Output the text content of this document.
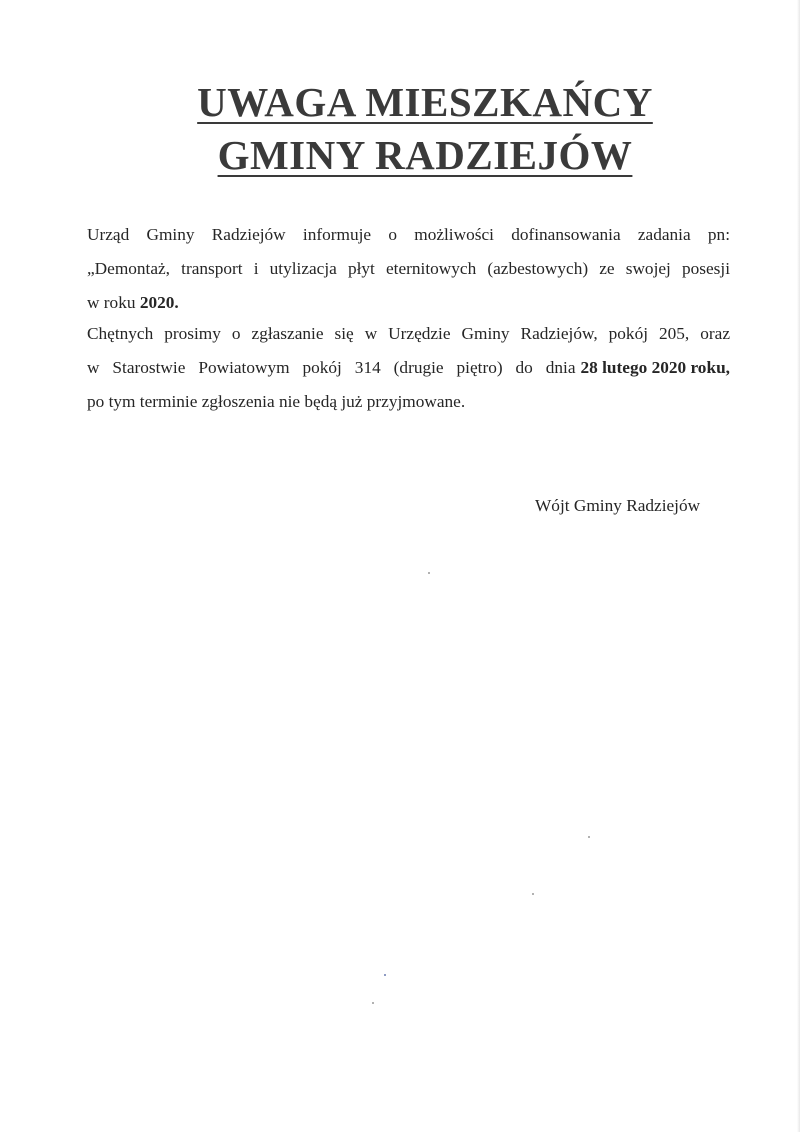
UWAGA MIESZKAŃCY
GMINY RADZIEJÓW
Urząd Gminy Radziejów informuje o możliwości dofinansowania zadania pn:
„Demontaż, transport i utylizacja płyt eternitowych (azbestowych) ze swojej posesji
w roku 2020.
Chętnych prosimy o zgłaszanie się w Urzędzie Gminy Radziejów, pokój 205, oraz
w Starostwie Powiatowym pokój 314 (drugie piętro) do dnia 28 lutego 2020 roku,
po tym terminie zgłoszenia nie będą już przyjmowane.
Wójt Gminy Radziejów
